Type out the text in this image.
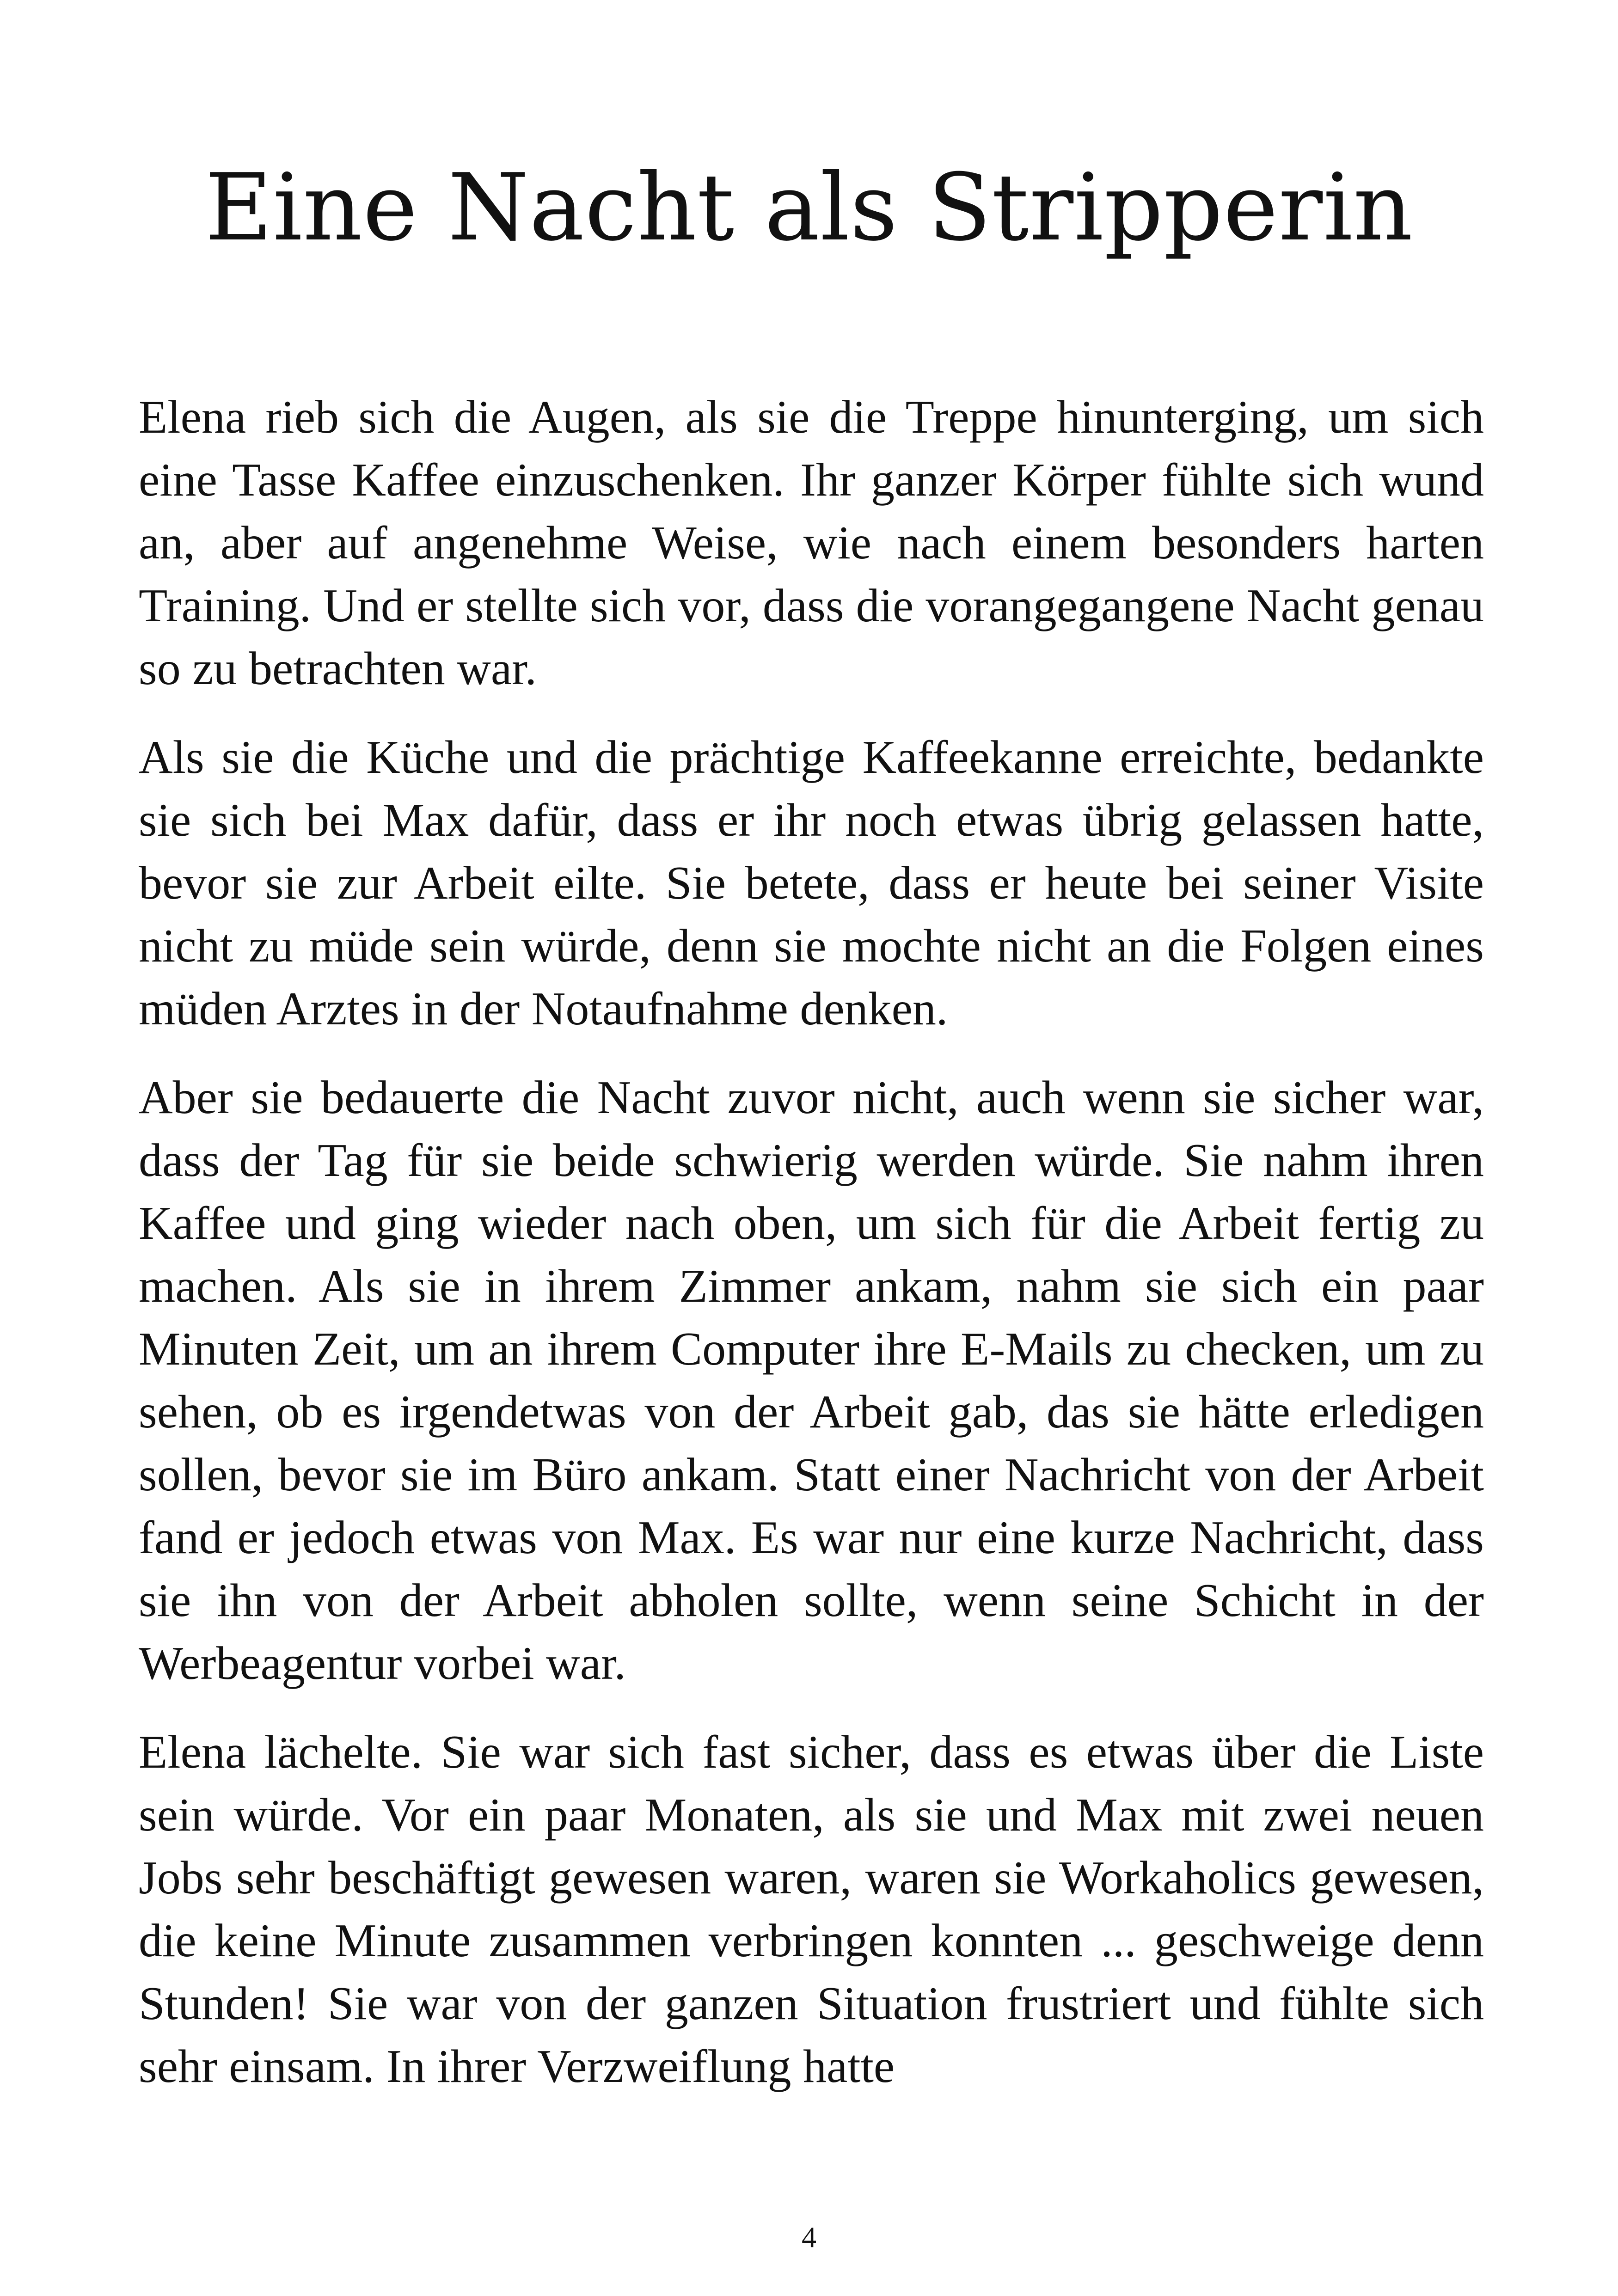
Eine Nacht als Stripperin

Elena rieb sich die Augen, als sie die Treppe hinunterging, um sich eine Tasse Kaffee einzuschenken. Ihr ganzer Körper fühlte sich wund an, aber auf angenehme Weise, wie nach einem besonders harten Training. Und er stellte sich vor, dass die vorangegangene Nacht genau so zu betrachten war.

Als sie die Küche und die prächtige Kaffeekanne erreichte, bedankte sie sich bei Max dafür, dass er ihr noch etwas übrig gelassen hatte, bevor sie zur Arbeit eilte. Sie betete, dass er heute bei seiner Visite nicht zu müde sein würde, denn sie mochte nicht an die Folgen eines müden Arztes in der Notaufnahme denken.

Aber sie bedauerte die Nacht zuvor nicht, auch wenn sie sicher war, dass der Tag für sie beide schwierig werden würde. Sie nahm ihren Kaffee und ging wieder nach oben, um sich für die Arbeit fertig zu machen. Als sie in ihrem Zimmer ankam, nahm sie sich ein paar Minuten Zeit, um an ihrem Computer ihre E-Mails zu checken, um zu sehen, ob es irgendetwas von der Arbeit gab, das sie hätte erledigen sollen, bevor sie im Büro ankam. Statt einer Nachricht von der Arbeit fand er jedoch etwas von Max. Es war nur eine kurze Nachricht, dass sie ihn von der Arbeit abholen sollte, wenn seine Schicht in der Werbeagentur vorbei war.

Elena lächelte. Sie war sich fast sicher, dass es etwas über die Liste sein würde. Vor ein paar Monaten, als sie und Max mit zwei neuen Jobs sehr beschäftigt gewesen waren, waren sie Workaholics gewesen, die keine Minute zusammen verbringen konnten ... geschweige denn Stunden! Sie war von der ganzen Situation frustriert und fühlte sich sehr einsam. In ihrer Verzweiflung hatte

4
